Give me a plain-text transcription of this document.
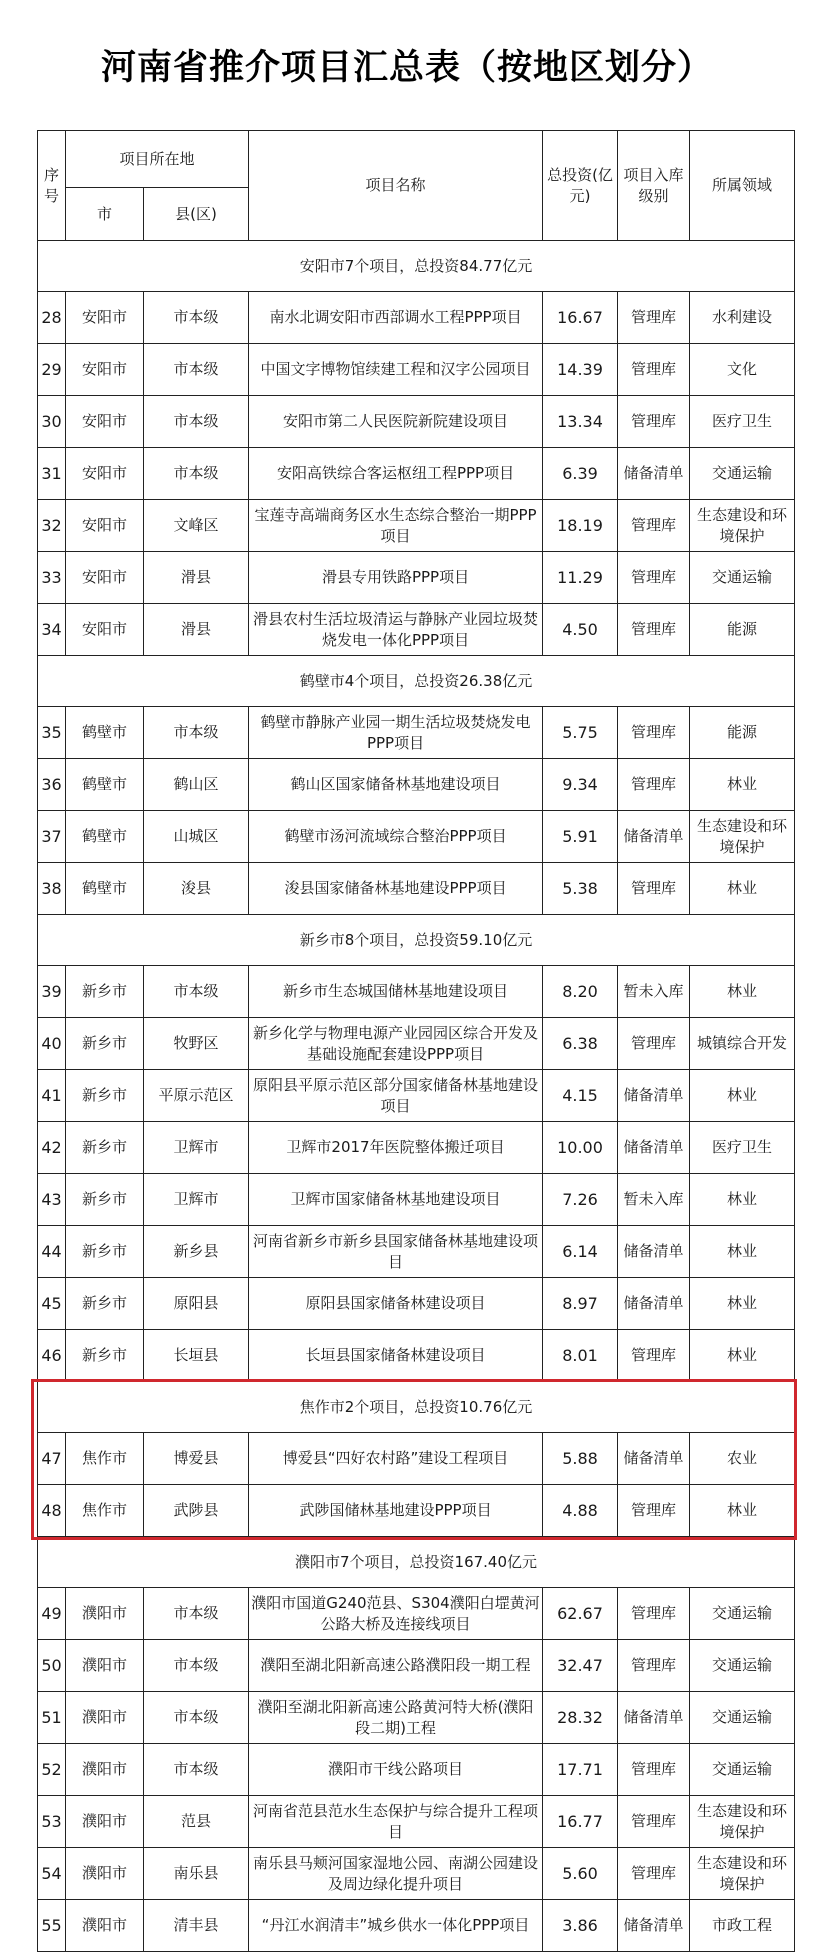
河南省推介项目汇总表（按地区划分）
序号	项目所在地		项目名称	总投资(亿元)	项目入库级别	所属领域
	市	县(区)				
安阳市7个项目，总投资84.77亿元						
28	安阳市	市本级	南水北调安阳市西部调水工程PPP项目	16.67	管理库	水利建设
29	安阳市	市本级	中国文字博物馆续建工程和汉字公园项目	14.39	管理库	文化
30	安阳市	市本级	安阳市第二人民医院新院建设项目	13.34	管理库	医疗卫生
31	安阳市	市本级	安阳高铁综合客运枢纽工程PPP项目	6.39	储备清单	交通运输
32	安阳市	文峰区	宝莲寺高端商务区水生态综合整治一期PPP项目	18.19	管理库	生态建设和环境保护
33	安阳市	滑县	滑县专用铁路PPP项目	11.29	管理库	交通运输
34	安阳市	滑县	滑县农村生活垃圾清运与静脉产业园垃圾焚烧发电一体化PPP项目	4.50	管理库	能源
鹤壁市4个项目，总投资26.38亿元						
35	鹤壁市	市本级	鹤壁市静脉产业园一期生活垃圾焚烧发电PPP项目	5.75	管理库	能源
36	鹤壁市	鹤山区	鹤山区国家储备林基地建设项目	9.34	管理库	林业
37	鹤壁市	山城区	鹤壁市汤河流域综合整治PPP项目	5.91	储备清单	生态建设和环境保护
38	鹤壁市	浚县	浚县国家储备林基地建设PPP项目	5.38	管理库	林业
新乡市8个项目，总投资59.10亿元						
39	新乡市	市本级	新乡市生态城国储林基地建设项目	8.20	暂未入库	林业
40	新乡市	牧野区	新乡化学与物理电源产业园园区综合开发及基础设施配套建设PPP项目	6.38	管理库	城镇综合开发
41	新乡市	平原示范区	原阳县平原示范区部分国家储备林基地建设项目	4.15	储备清单	林业
42	新乡市	卫辉市	卫辉市2017年医院整体搬迁项目	10.00	储备清单	医疗卫生
43	新乡市	卫辉市	卫辉市国家储备林基地建设项目	7.26	暂未入库	林业
44	新乡市	新乡县	河南省新乡市新乡县国家储备林基地建设项目	6.14	储备清单	林业
45	新乡市	原阳县	原阳县国家储备林建设项目	8.97	储备清单	林业
46	新乡市	长垣县	长垣县国家储备林建设项目	8.01	管理库	林业
焦作市2个项目，总投资10.76亿元						
47	焦作市	博爱县	博爱县“四好农村路”建设工程项目	5.88	储备清单	农业
48	焦作市	武陟县	武陟国储林基地建设PPP项目	4.88	管理库	林业
濮阳市7个项目，总投资167.40亿元						
49	濮阳市	市本级	濮阳市国道G240范县、S304濮阳白堽黄河公路大桥及连接线项目	62.67	管理库	交通运输
50	濮阳市	市本级	濮阳至湖北阳新高速公路濮阳段一期工程	32.47	管理库	交通运输
51	濮阳市	市本级	濮阳至湖北阳新高速公路黄河特大桥(濮阳段二期)工程	28.32	储备清单	交通运输
52	濮阳市	市本级	濮阳市干线公路项目	17.71	管理库	交通运输
53	濮阳市	范县	河南省范县范水生态保护与综合提升工程项目	16.77	管理库	生态建设和环境保护
54	濮阳市	南乐县	南乐县马颊河国家湿地公园、南湖公园建设及周边绿化提升项目	5.60	管理库	生态建设和环境保护
55	濮阳市	清丰县	“丹江水润清丰”城乡供水一体化PPP项目	3.86	储备清单	市政工程
